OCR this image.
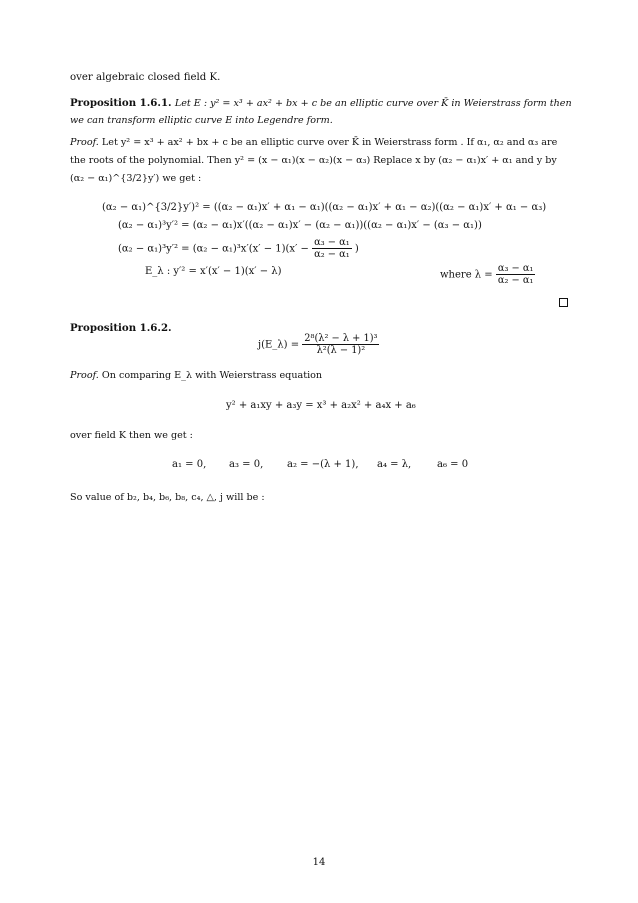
over algebraic closed field K.
Proposition 1.6.1. Let E : y² = x³ + ax² + bx + c be an elliptic curve over K̄ in Weierstrass form then
we can transform elliptic curve E into Legendre form.
Proof. Let y² = x³ + ax² + bx + c be an elliptic curve over K̄ in Weierstrass form . If α₁, α₂ and α₃ are
the roots of the polynomial. Then y² = (x − α₁)(x − α₂)(x − α₃) Replace x by (α₂ − α₁)x′ + α₁ and y by
(α₂ − α₁)^{3/2}y′) we get :
(α₂ − α₁)^{3/2}y′)² = ((α₂ − α₁)x′ + α₁ − α₁)((α₂ − α₁)x′ + α₁ − α₂)((α₂ − α₁)x′ + α₁ − α₃)
(α₂ − α₁)³y′² = (α₂ − α₁)x′((α₂ − α₁)x′ − (α₂ − α₁))((α₂ − α₁)x′ − (α₃ − α₁))
$(\alpha_2 - \alpha_1)^3y'^2 = (\alpha_2 - \alpha_1)^3x'(x' - 1)(x' - \frac{\text{α₃ − α₁}}{\text{α₂ − α₁}}$ )
E_λ : y′² = x′(x′ − 1)(x′ − λ)	where $\lambda = \frac{\text{α₃ − α₁}}{\text{α₂ − α₁}}$
Proposition 1.6.2.
j(E_λ) = $\frac{\text{2⁸(λ² − λ + 1)³}}{\text{λ²(λ − 1)²}}$
Proof. On comparing E_λ with Weierstrass equation
y² + a₁xy + a₃y = x³ + a₂x² + a₄x + a₆
over field K then we get :
a₁ = 0, a₃ = 0, a₂ = −(λ + 1), a₄ = λ,	a₆ = 0
So value of b₂, b₄, b₆, b₈, c₄, △, j will be :
14
